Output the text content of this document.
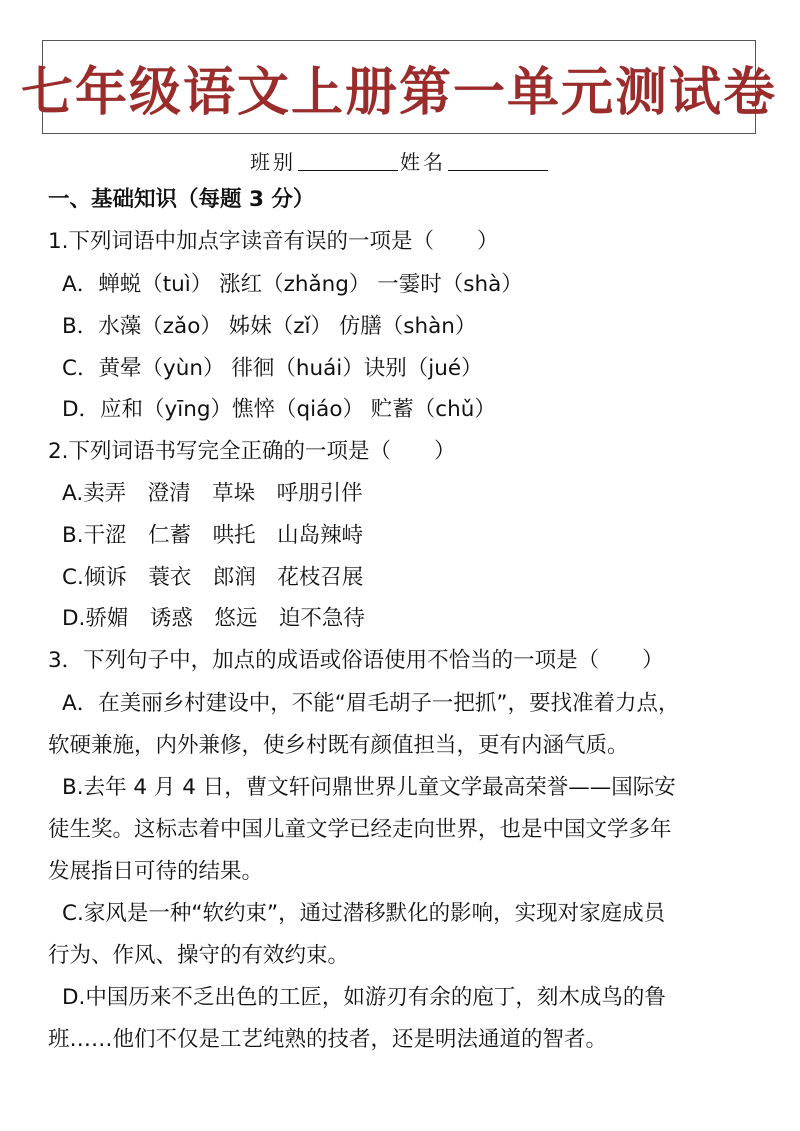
七年级语文上册第一单元测试卷
班别	姓名
一、基础知识（每题 3 分）
1.下列词语中加点字读音有误的一项是（　　）
A．蝉蜕（tuì） 涨红（zhǎng） 一霎时（shà）
B．水藻（zǎo） 姊妹（zǐ） 仿膳（shàn）
C．黄晕（yùn） 徘徊（huái）诀别（jué）
D．应和（yīng）憔悴（qiáo） 贮蓄（chǔ）
2.下列词语书写完全正确的一项是（　　）
A.卖弄　澄清　草垛　呼朋引伴
B.干涩　仁蓄　哄托　山岛辣峙
C.倾诉　蓑衣　郎润　花枝召展
D.骄媚　诱惑　悠远　迫不急待
3．下列句子中，加点的成语或俗语使用不恰当的一项是（　　）
A．在美丽乡村建设中，不能“眉毛胡子一把抓”，要找准着力点，
软硬兼施，内外兼修，使乡村既有颜值担当，更有内涵气质。
B.去年 4 月 4 日，曹文轩问鼎世界儿童文学最高荣誉——国际安
徒生奖。这标志着中国儿童文学已经走向世界，也是中国文学多年
发展指日可待的结果。
C.家风是一种“软约束”，通过潜移默化的影响，实现对家庭成员
行为、作风、操守的有效约束。
D.中国历来不乏出色的工匠，如游刃有余的庖丁，刻木成鸟的鲁
班……他们不仅是工艺纯熟的技者，还是明法通道的智者。
